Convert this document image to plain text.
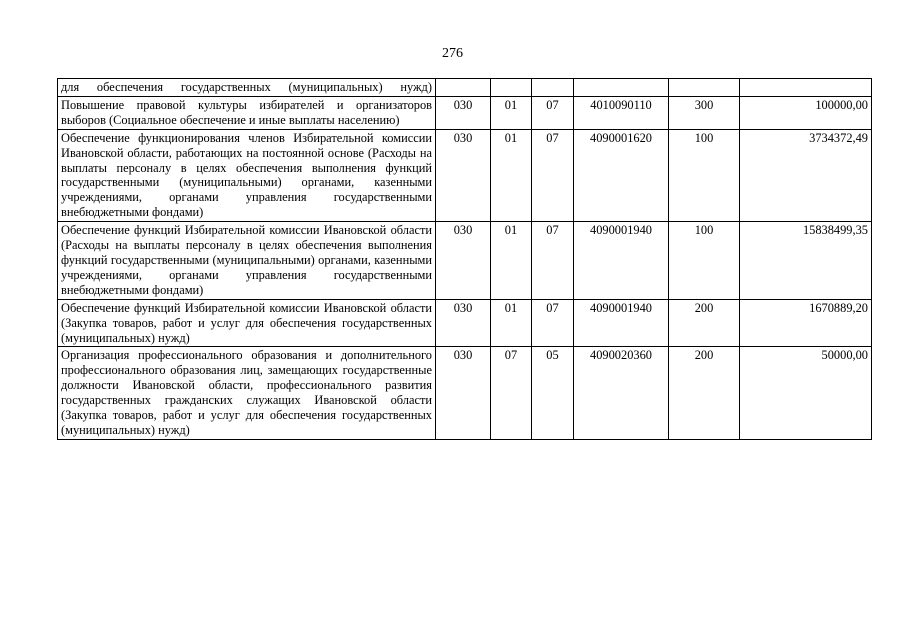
276
для обеспечения государственных (муниципальных) нужд)						
Повышение правовой культуры избирателей и организаторов выборов (Социальное обеспечение и иные выплаты населению)	030	01	07	4010090110	300	100000,00
Обеспечение функционирования членов Избирательной комиссии Ивановской области, работающих на постоянной основе (Расходы на выплаты персоналу в целях обеспечения выполнения функций государственными (муниципальными) органами, казенными учреждениями, органами управления государственными внебюджетными фондами)	030	01	07	4090001620	100	3734372,49
Обеспечение функций Избирательной комиссии Ивановской области (Расходы на выплаты персоналу в целях обеспечения выполнения функций государственными (муниципальными) органами, казенными учреждениями, органами управления государственными внебюджетными фондами)	030	01	07	4090001940	100	15838499,35
Обеспечение функций Избирательной комиссии Ивановской области (Закупка товаров, работ и услуг для обеспечения государственных (муниципальных) нужд)	030	01	07	4090001940	200	1670889,20
Организация профессионального образования и дополнительного профессионального образования лиц, замещающих государственные должности Ивановской области, профессионального развития государственных гражданских служащих Ивановской области (Закупка товаров, работ и услуг для обеспечения государственных (муниципальных) нужд)	030	07	05	4090020360	200	50000,00
